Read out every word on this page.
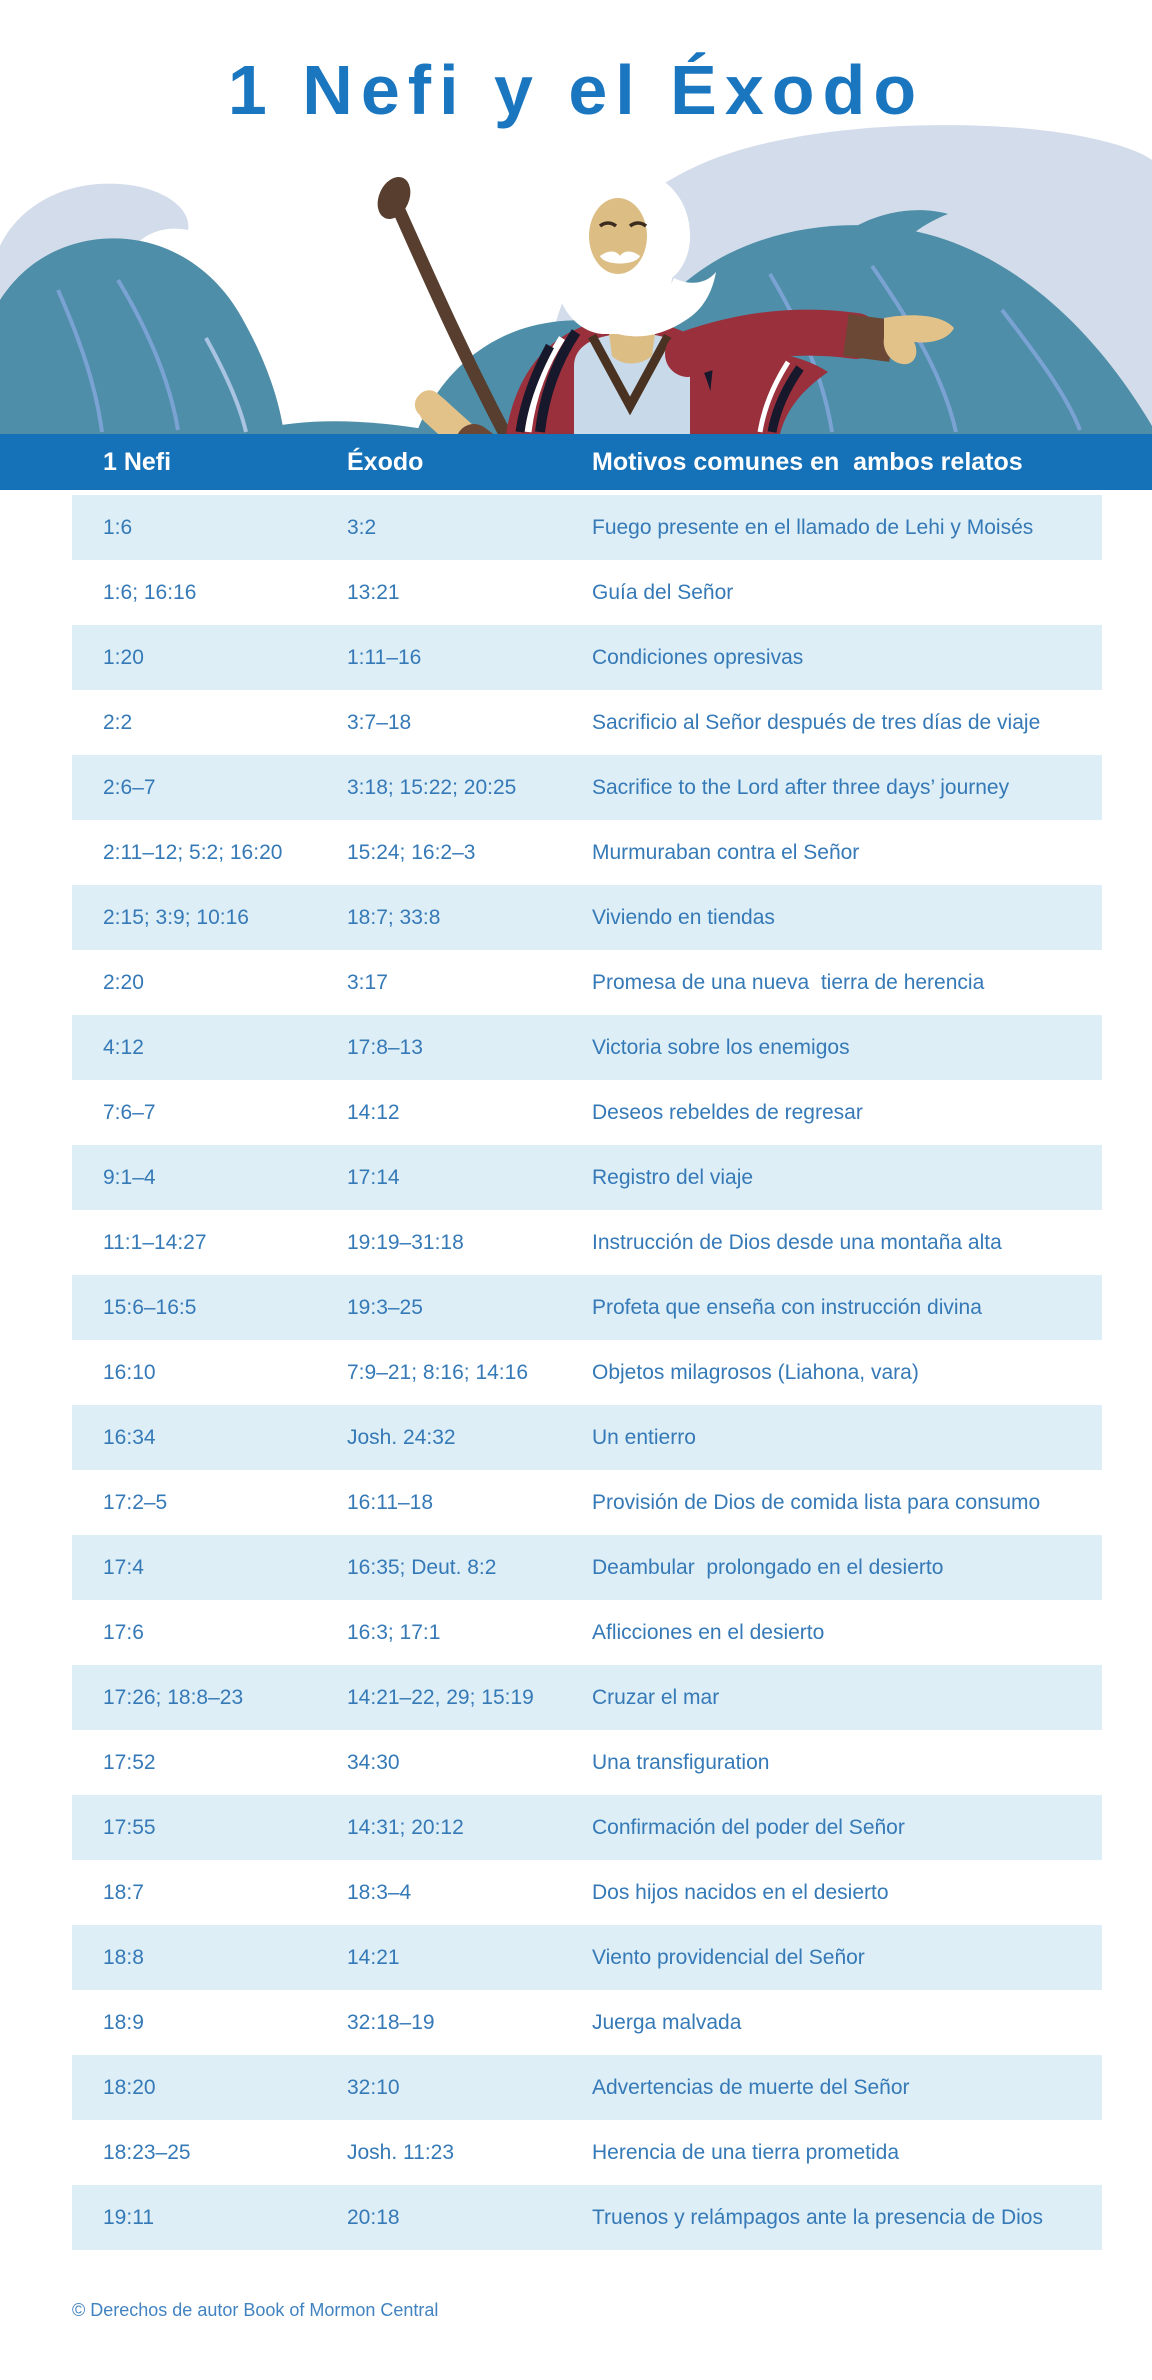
1 Nefi y el Éxodo
1 Nefi	Éxodo	Motivos comunes en  ambos relatos
1:6	3:2	Fuego presente en el llamado de Lehi y Moisés
1:6; 16:16	13:21	Guía del Señor
1:20	1:11–16	Condiciones opresivas
2:2	3:7–18	Sacrificio al Señor después de tres días de viaje
2:6–7	3:18; 15:22; 20:25	Sacrifice to the Lord after three days’ journey
2:11–12; 5:2; 16:20	15:24; 16:2–3	Murmuraban contra el Señor
2:15; 3:9; 10:16	18:7; 33:8	Viviendo en tiendas
2:20	3:17	Promesa de una nueva  tierra de herencia
4:12	17:8–13	Victoria sobre los enemigos
7:6–7	14:12	Deseos rebeldes de regresar
9:1–4	17:14	Registro del viaje
11:1–14:27	19:19–31:18	Instrucción de Dios desde una montaña alta
15:6–16:5	19:3–25	Profeta que enseña con instrucción divina
16:10	7:9–21; 8:16; 14:16	Objetos milagrosos (Liahona, vara)
16:34	Josh. 24:32	Un entierro
17:2–5	16:11–18	Provisión de Dios de comida lista para consumo
17:4	16:35; Deut. 8:2	Deambular  prolongado en el desierto
17:6	16:3; 17:1	Aflicciones en el desierto
17:26; 18:8–23	14:21–22, 29; 15:19	Cruzar el mar
17:52	34:30	Una transfiguration
17:55	14:31; 20:12	Confirmación del poder del Señor
18:7	18:3–4	Dos hijos nacidos en el desierto
18:8	14:21	Viento providencial del Señor
18:9	32:18–19	Juerga malvada
18:20	32:10	Advertencias de muerte del Señor
18:23–25	Josh. 11:23	Herencia de una tierra prometida
19:11	20:18	Truenos y relámpagos ante la presencia de Dios
© Derechos de autor Book of Mormon Central
